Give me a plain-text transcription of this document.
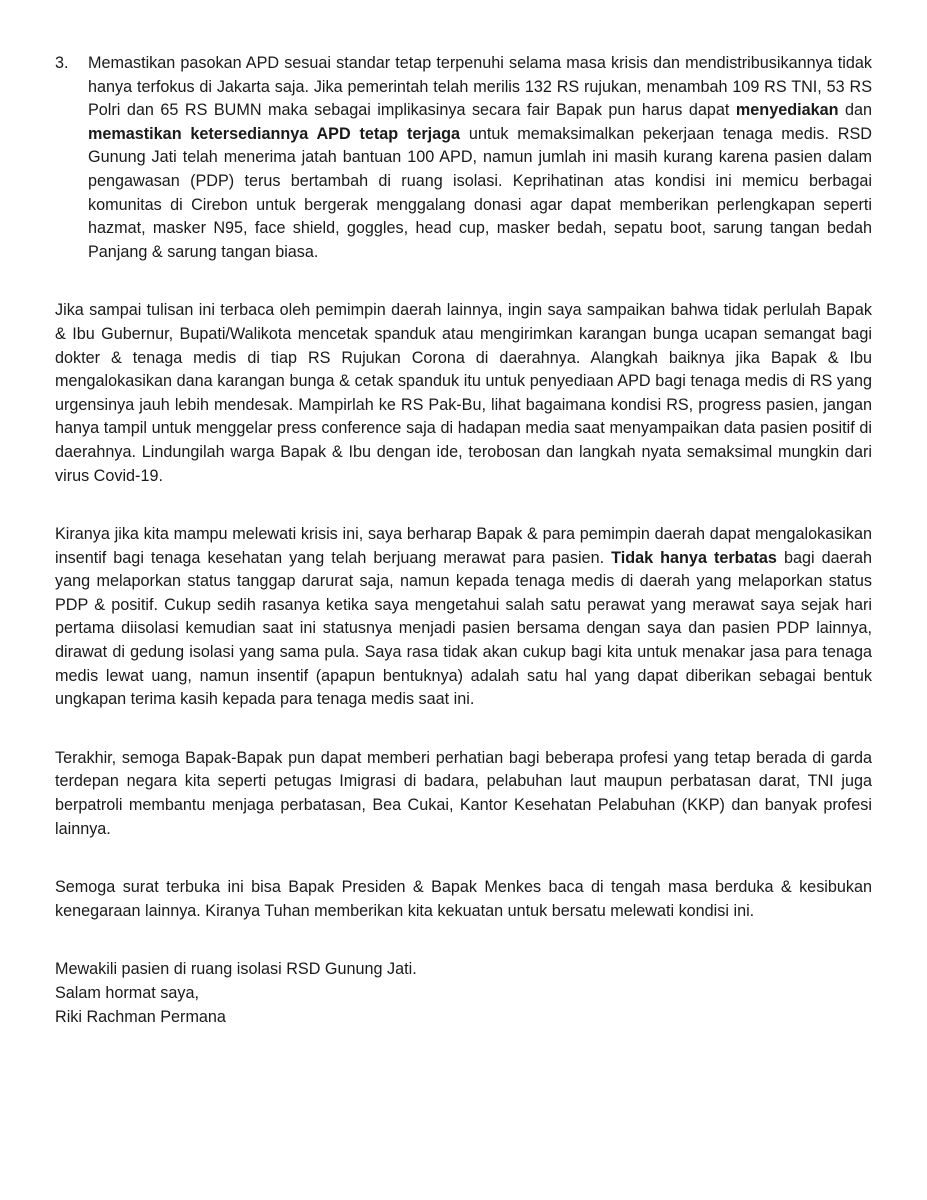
3.	Memastikan pasokan APD sesuai standar tetap terpenuhi selama masa krisis dan mendistribusikannya tidak hanya terfokus di Jakarta saja. Jika pemerintah telah merilis 132 RS rujukan, menambah 109 RS TNI, 53 RS Polri dan 65 RS BUMN maka sebagai implikasinya secara fair Bapak pun harus dapat menyediakan dan memastikan ketersediannya APD tetap terjaga untuk memaksimalkan pekerjaan tenaga medis. RSD Gunung Jati telah menerima jatah bantuan 100 APD, namun jumlah ini masih kurang karena pasien dalam pengawasan (PDP) terus bertambah di ruang isolasi. Keprihatinan atas kondisi ini memicu berbagai komunitas di Cirebon untuk bergerak menggalang donasi agar dapat memberikan perlengkapan seperti hazmat, masker N95, face shield, goggles, head cup, masker bedah, sepatu boot, sarung tangan bedah Panjang & sarung tangan biasa.

Jika sampai tulisan ini terbaca oleh pemimpin daerah lainnya, ingin saya sampaikan bahwa tidak perlulah Bapak & Ibu Gubernur, Bupati/Walikota mencetak spanduk atau mengirimkan karangan bunga ucapan semangat bagi dokter & tenaga medis di tiap RS Rujukan Corona di daerahnya. Alangkah baiknya jika Bapak & Ibu mengalokasikan dana karangan bunga & cetak spanduk itu untuk penyediaan APD bagi tenaga medis di RS yang urgensinya jauh lebih mendesak. Mampirlah ke RS Pak-Bu, lihat bagaimana kondisi RS, progress pasien, jangan hanya tampil untuk menggelar press conference saja di hadapan media saat menyampaikan data pasien positif di daerahnya. Lindungilah warga Bapak & Ibu dengan ide, terobosan dan langkah nyata semaksimal mungkin dari virus Covid-19.

Kiranya jika kita mampu melewati krisis ini, saya berharap Bapak & para pemimpin daerah dapat mengalokasikan insentif bagi tenaga kesehatan yang telah berjuang merawat para pasien. Tidak hanya terbatas bagi daerah yang melaporkan status tanggap darurat saja, namun kepada tenaga medis di daerah yang melaporkan status PDP & positif. Cukup sedih rasanya ketika saya mengetahui salah satu perawat yang merawat saya sejak hari pertama diisolasi kemudian saat ini statusnya menjadi pasien bersama dengan saya dan pasien PDP lainnya, dirawat di gedung isolasi yang sama pula. Saya rasa tidak akan cukup bagi kita untuk menakar jasa para tenaga medis lewat uang, namun insentif (apapun bentuknya) adalah satu hal yang dapat diberikan sebagai bentuk ungkapan terima kasih kepada para tenaga medis saat ini.

Terakhir, semoga Bapak-Bapak pun dapat memberi perhatian bagi beberapa profesi yang tetap berada di garda terdepan negara kita seperti petugas Imigrasi di badara, pelabuhan laut maupun perbatasan darat, TNI juga berpatroli membantu menjaga perbatasan, Bea Cukai, Kantor Kesehatan Pelabuhan (KKP) dan banyak profesi lainnya.

Semoga surat terbuka ini bisa Bapak Presiden & Bapak Menkes baca di tengah masa berduka & kesibukan kenegaraan lainnya. Kiranya Tuhan memberikan kita kekuatan untuk bersatu melewati kondisi ini.

Mewakili pasien di ruang isolasi RSD Gunung Jati.
Salam hormat saya,
Riki Rachman Permana
